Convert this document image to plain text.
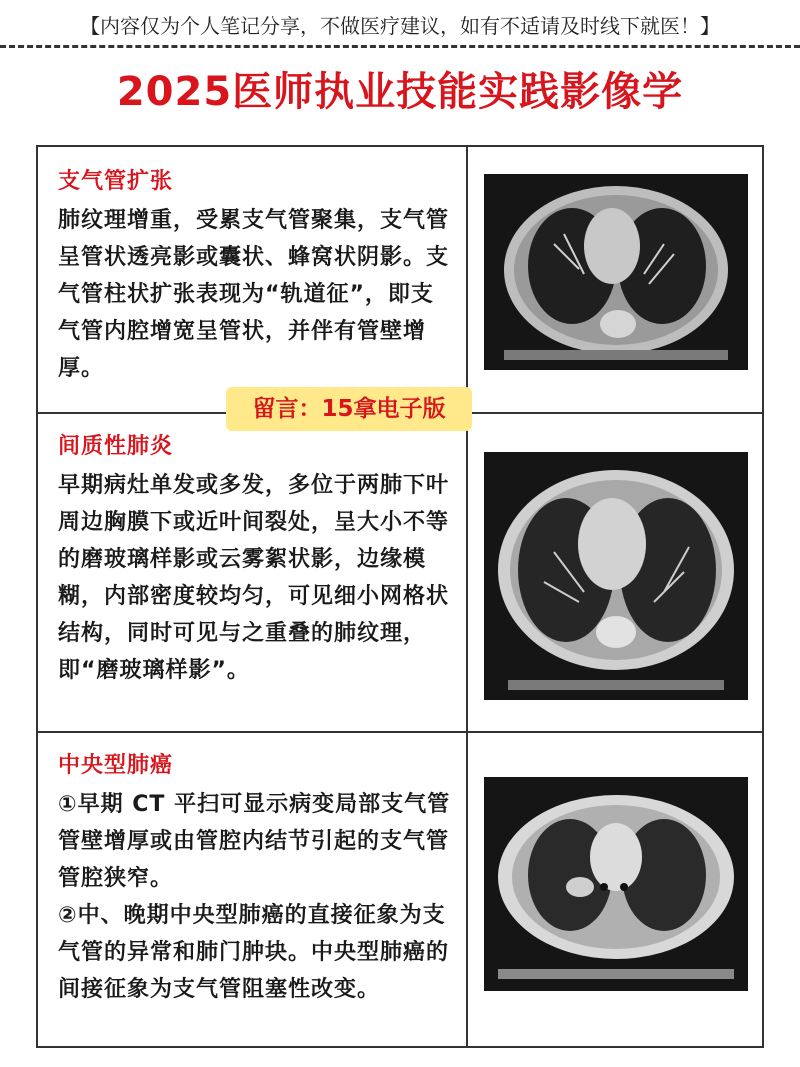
【内容仅为个人笔记分享，不做医疗建议，如有不适请及时线下就医！】
2025医师执业技能实践影像学
支气管扩张
肺纹理增重，受累支气管聚集，支气管呈管状透亮影或囊状、蜂窝状阴影。支气管柱状扩张表现为“轨道征”，即支气管内腔增宽呈管状，并伴有管壁增厚。
间质性肺炎
早期病灶单发或多发，多位于两肺下叶周边胸膜下或近叶间裂处，呈大小不等的磨玻璃样影或云雾絮状影，边缘模糊，内部密度较均匀，可见细小网格状结构，同时可见与之重叠的肺纹理，即“磨玻璃样影”。
中央型肺癌
①早期 CT 平扫可显示病变局部支气管管壁增厚或由管腔内结节引起的支气管管腔狭窄。
②中、晚期中央型肺癌的直接征象为支气管的异常和肺门肿块。中央型肺癌的间接征象为支气管阻塞性改变。
留言：15拿电子版
